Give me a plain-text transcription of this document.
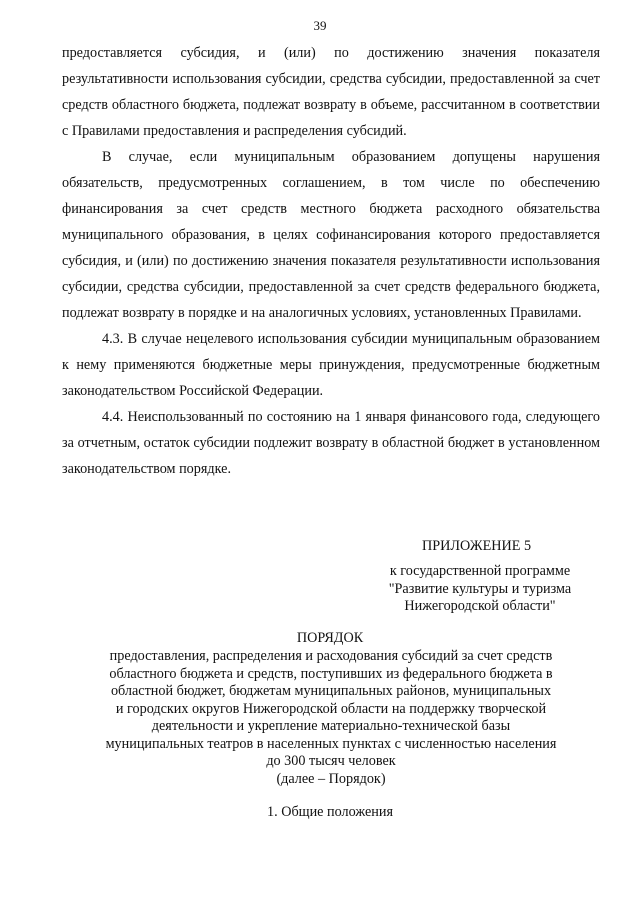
39

предоставляется субсидия, и (или) по достижению значения показателя результативности использования субсидии, средства субсидии, предоставленной за счет средств областного бюджета, подлежат возврату в объеме, рассчитанном в соответствии с Правилами предоставления и распределения субсидий.

В случае, если муниципальным образованием допущены нарушения обязательств, предусмотренных соглашением, в том числе по обеспечению финансирования за счет средств местного бюджета расходного обязательства муниципального образования, в целях софинансирования которого предоставляется субсидия, и (или) по достижению значения показателя результативности использования субсидии, средства субсидии, предоставленной за счет средств федерального бюджета, подлежат возврату в порядке и на аналогичных условиях, установленных Правилами.

4.3. В случае нецелевого использования субсидии муниципальным образованием к нему применяются бюджетные меры принуждения, предусмотренные бюджетным законодательством Российской Федерации.

4.4. Неиспользованный по состоянию на 1 января финансового года, следующего за отчетным, остаток субсидии подлежит возврату в областной бюджет в установленном законодательством порядке.

ПРИЛОЖЕНИЕ 5
к государственной программе
"Развитие культуры и туризма
Нижегородской области"
ПОРЯДОК
предоставления, распределения и расходования субсидий за счет средств
областного бюджета и средств, поступивших из федерального бюджета в
областной бюджет, бюджетам муниципальных районов, муниципальных
и городских округов Нижегородской области на поддержку творческой
деятельности и укрепление материально-технической базы
муниципальных театров в населенных пунктах с численностью населения
до 300 тысяч человек
(далее – Порядок)
1. Общие положения
